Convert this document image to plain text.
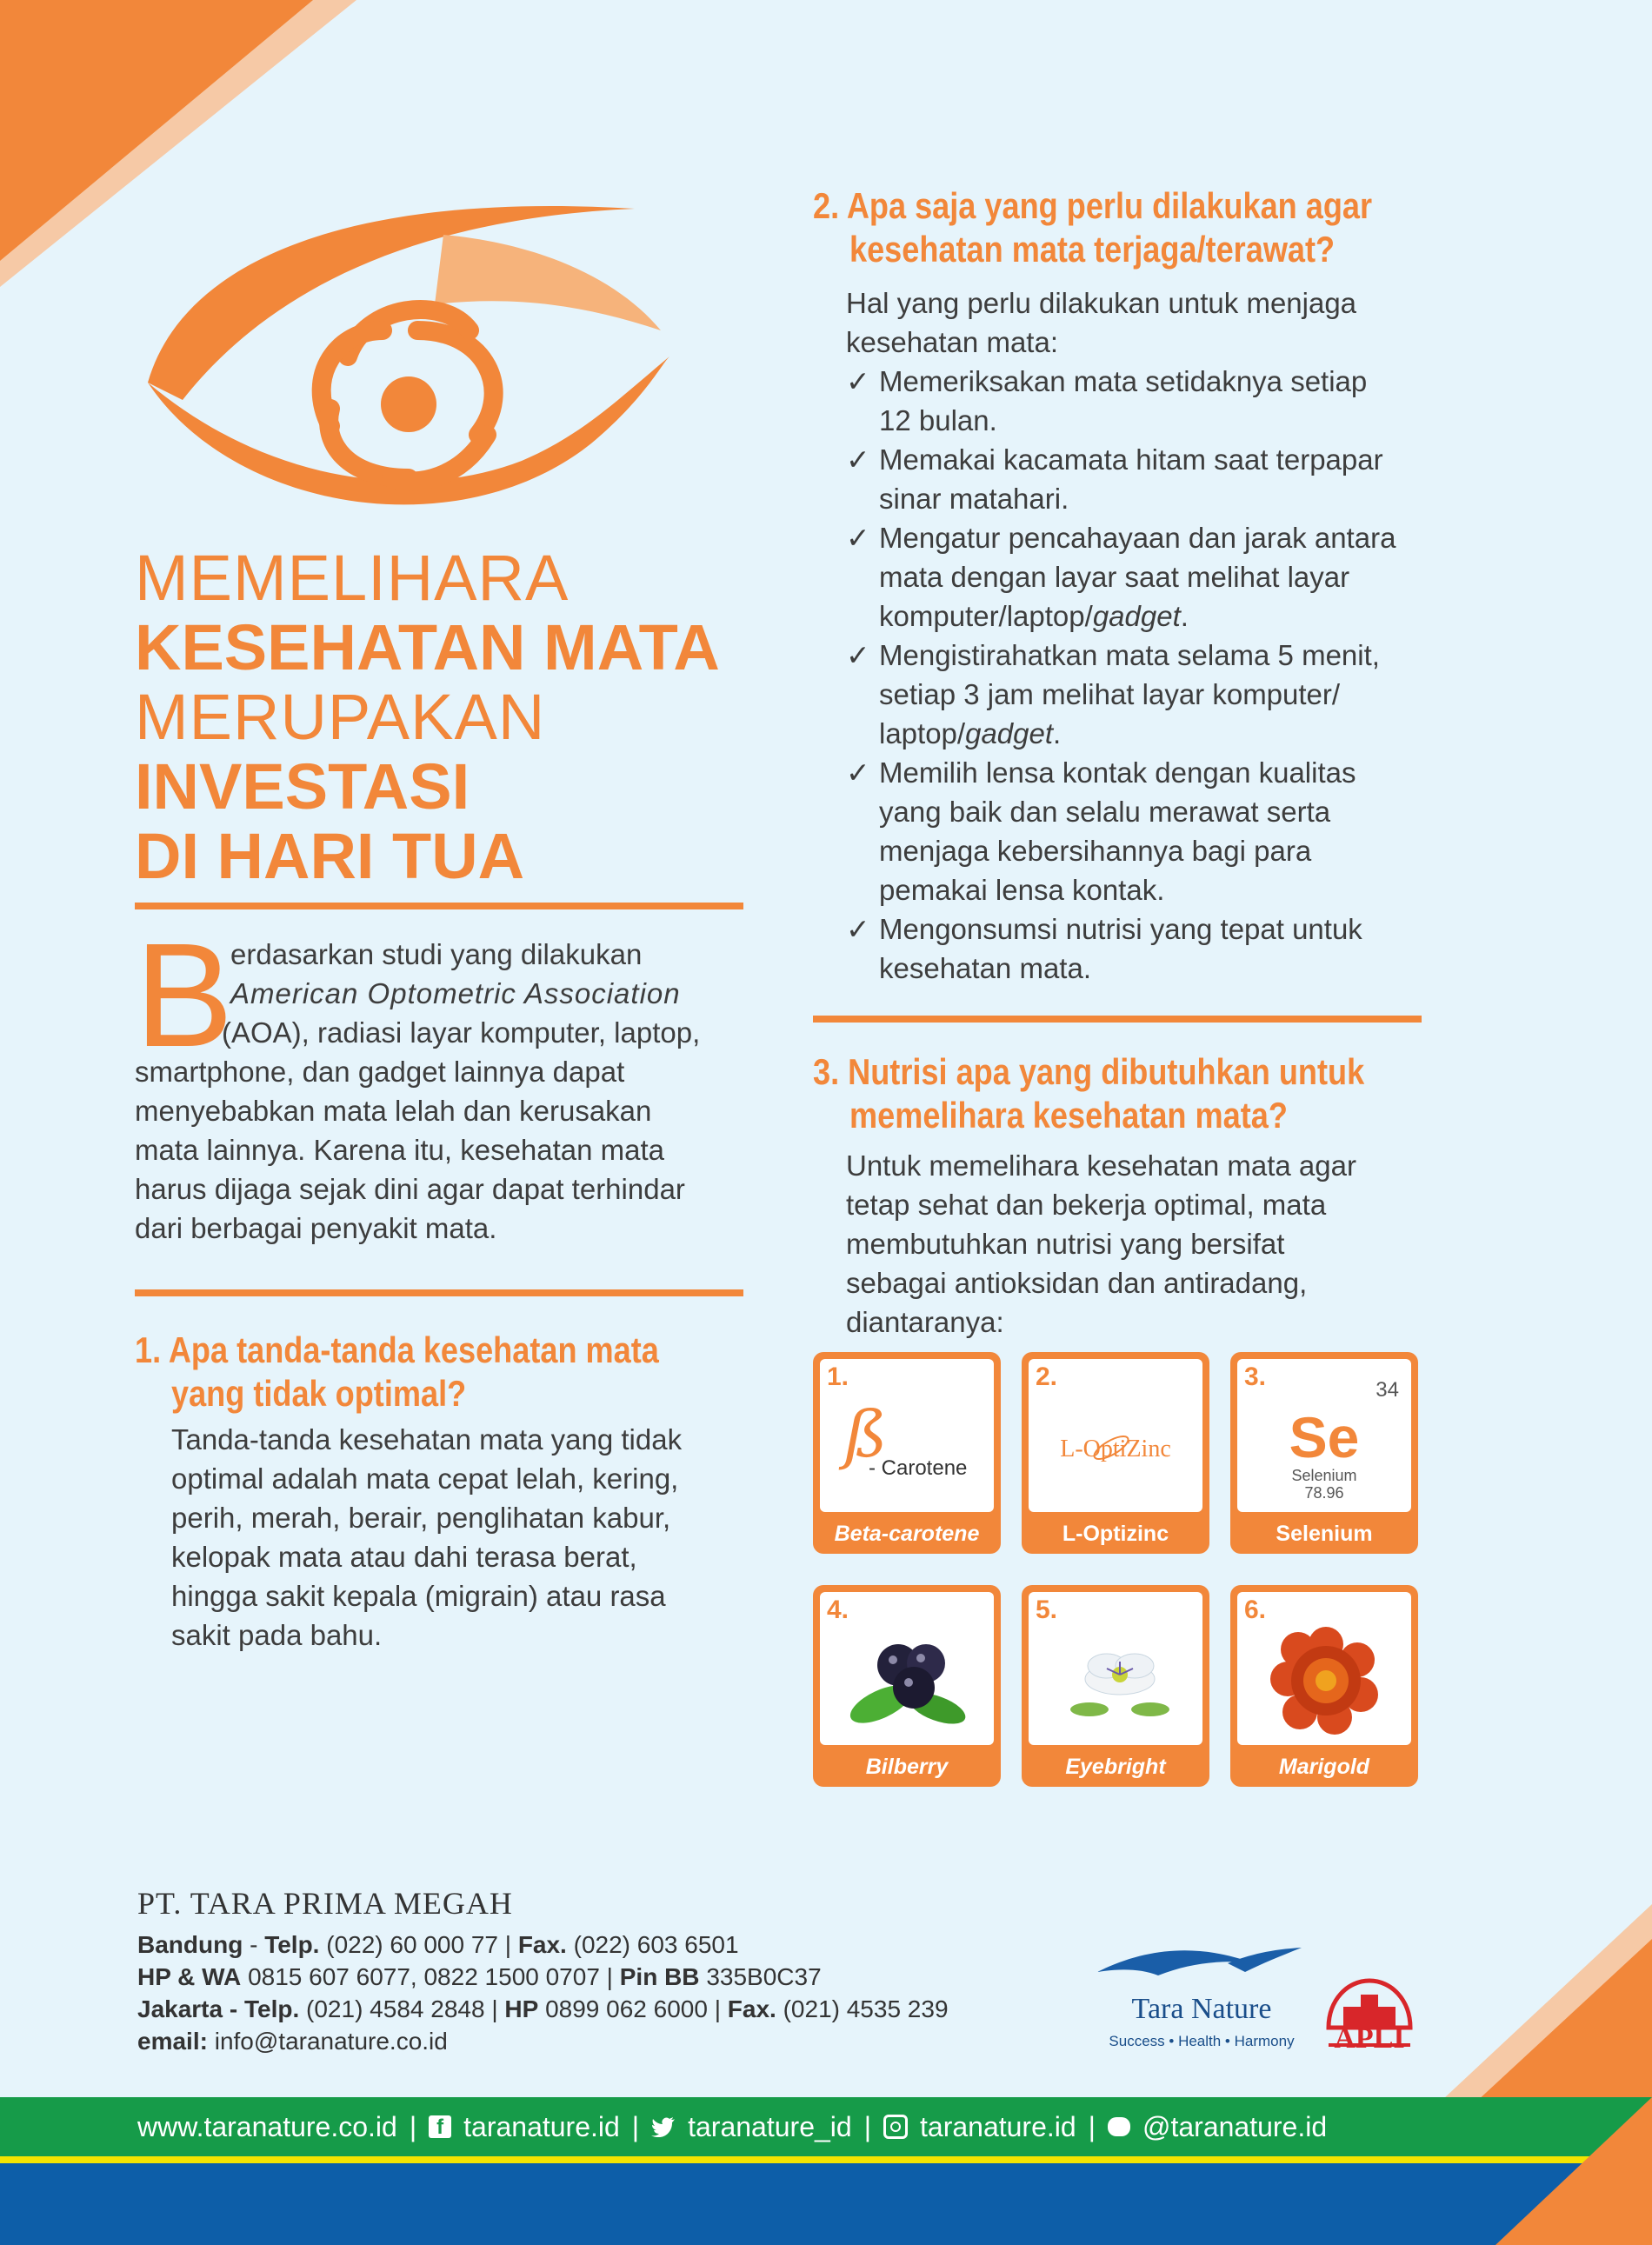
MEMELIHARA
KESEHATAN MATA
MERUPAKAN
INVESTASI
DI HARI TUA
B
erdasarkan studi yang dilakukan
American Optometric Association
(AOA), radiasi layar komputer, laptop,
smartphone, dan gadget lainnya dapat
menyebabkan mata lelah dan kerusakan
mata lainnya. Karena itu, kesehatan mata
harus dijaga sejak dini agar dapat terhindar
dari berbagai penyakit mata.
1. Apa tanda-tanda kesehatan mata
yang tidak optimal?
Tanda-tanda kesehatan mata yang tidak
optimal adalah mata cepat lelah, kering,
perih, merah, berair, penglihatan kabur,
kelopak mata atau dahi terasa berat,
hingga sakit kepala (migrain) atau rasa
sakit pada bahu.
2. Apa saja yang perlu dilakukan agar
kesehatan mata terjaga/terawat?
Hal yang perlu dilakukan untuk menjaga
kesehatan mata:
✓ Memeriksakan mata setidaknya setiap
12 bulan.
✓ Memakai kacamata hitam saat terpapar
sinar matahari.
✓ Mengatur pencahayaan dan jarak antara
mata dengan layar saat melihat layar
komputer/laptop/gadget.
✓ Mengistirahatkan mata selama 5 menit,
setiap 3 jam melihat layar komputer/
laptop/gadget.
✓ Memilih lensa kontak dengan kualitas
yang baik dan selalu merawat serta
menjaga kebersihannya bagi para
pemakai lensa kontak.
✓ Mengonsumsi nutrisi yang tepat untuk
kesehatan mata.
3. Nutrisi apa yang dibutuhkan untuk
memelihara kesehatan mata?
Untuk memelihara kesehatan mata agar
tetap sehat dan bekerja optimal, mata
membutuhkan nutrisi yang bersifat
sebagai antioksidan dan antiradang,
diantaranya:
1.
ß
- Carotene
Beta-carotene
2.
L-OptiZinc
L-Optizinc
3.	34
Se
Selenium
78.96
Selenium
4.
Bilberry
5.
Eyebright
6.
Marigold
PT. TARA PRIMA MEGAH
Bandung - Telp. (022) 60 000 77 | Fax. (022) 603 6501
HP & WA 0815 607 6077, 0822 1500 0707 | Pin BB 335B0C37
Jakarta - Telp. (021) 4584 2848 | HP 0899 062 6000 | Fax. (021) 4535 239
email: info@taranature.co.id
Tara Nature
Success • Health • Harmony	APLI
www.taranature.co.id | f taranature.id | taranature_id | taranature.id | @taranature.id
